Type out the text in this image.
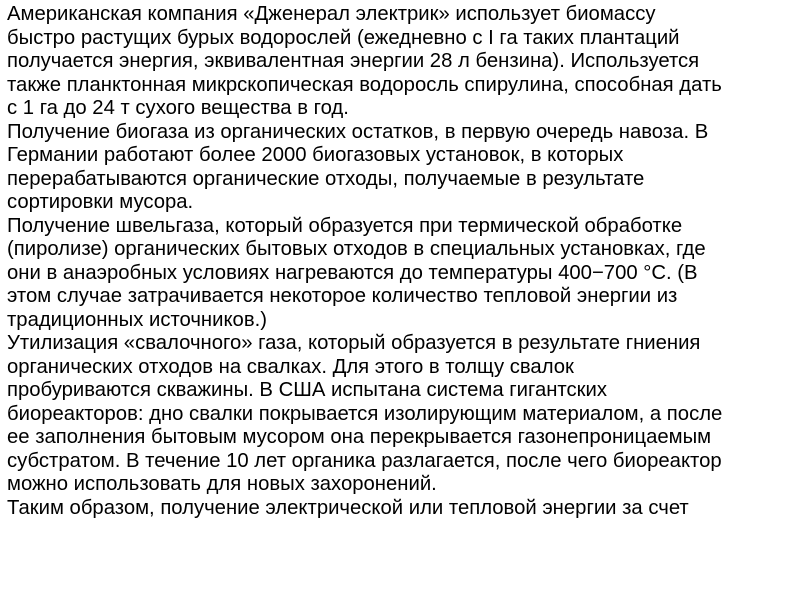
Американская компания «Дженерал электрик» использует биомассу
быстро растущих бурых водорослей (ежедневно с I га таких плантаций
получается энергия, эквивалентная энергии 28 л бензина). Используется
также планктонная микрскопическая водоросль спирулина, способная дать
с 1 га до 24 т сухого вещества в год.
Получение биогаза из органических остатков, в первую очередь навоза. В
Германии работают более 2000 биогазовых установок, в которых
перерабатываются органические отходы, получаемые в результате
сортировки мусора.
Получение швельгаза, который образуется при термической обработке
(пиролизе) органических бытовых отходов в специальных установках, где
они в анаэробных условиях нагреваются до температуры 400−700 °С. (В
этом случае затрачивается некоторое количество тепловой энергии из
традиционных источников.)
Утилизация «свалочного» газа, который образуется в результате гниения
органических отходов на свалках. Для этого в толщу свалок
пробуриваются скважины. В США испытана система гигантских
биореакторов: дно свалки покрывается изолирующим материалом, а после
ее заполнения бытовым мусором она перекрывается газонепроницаемым
субстратом. В течение 10 лет органика разлагается, после чего биореактор
можно использовать для новых захоронений.
Таким образом, получение электрической или тепловой энергии за счет
